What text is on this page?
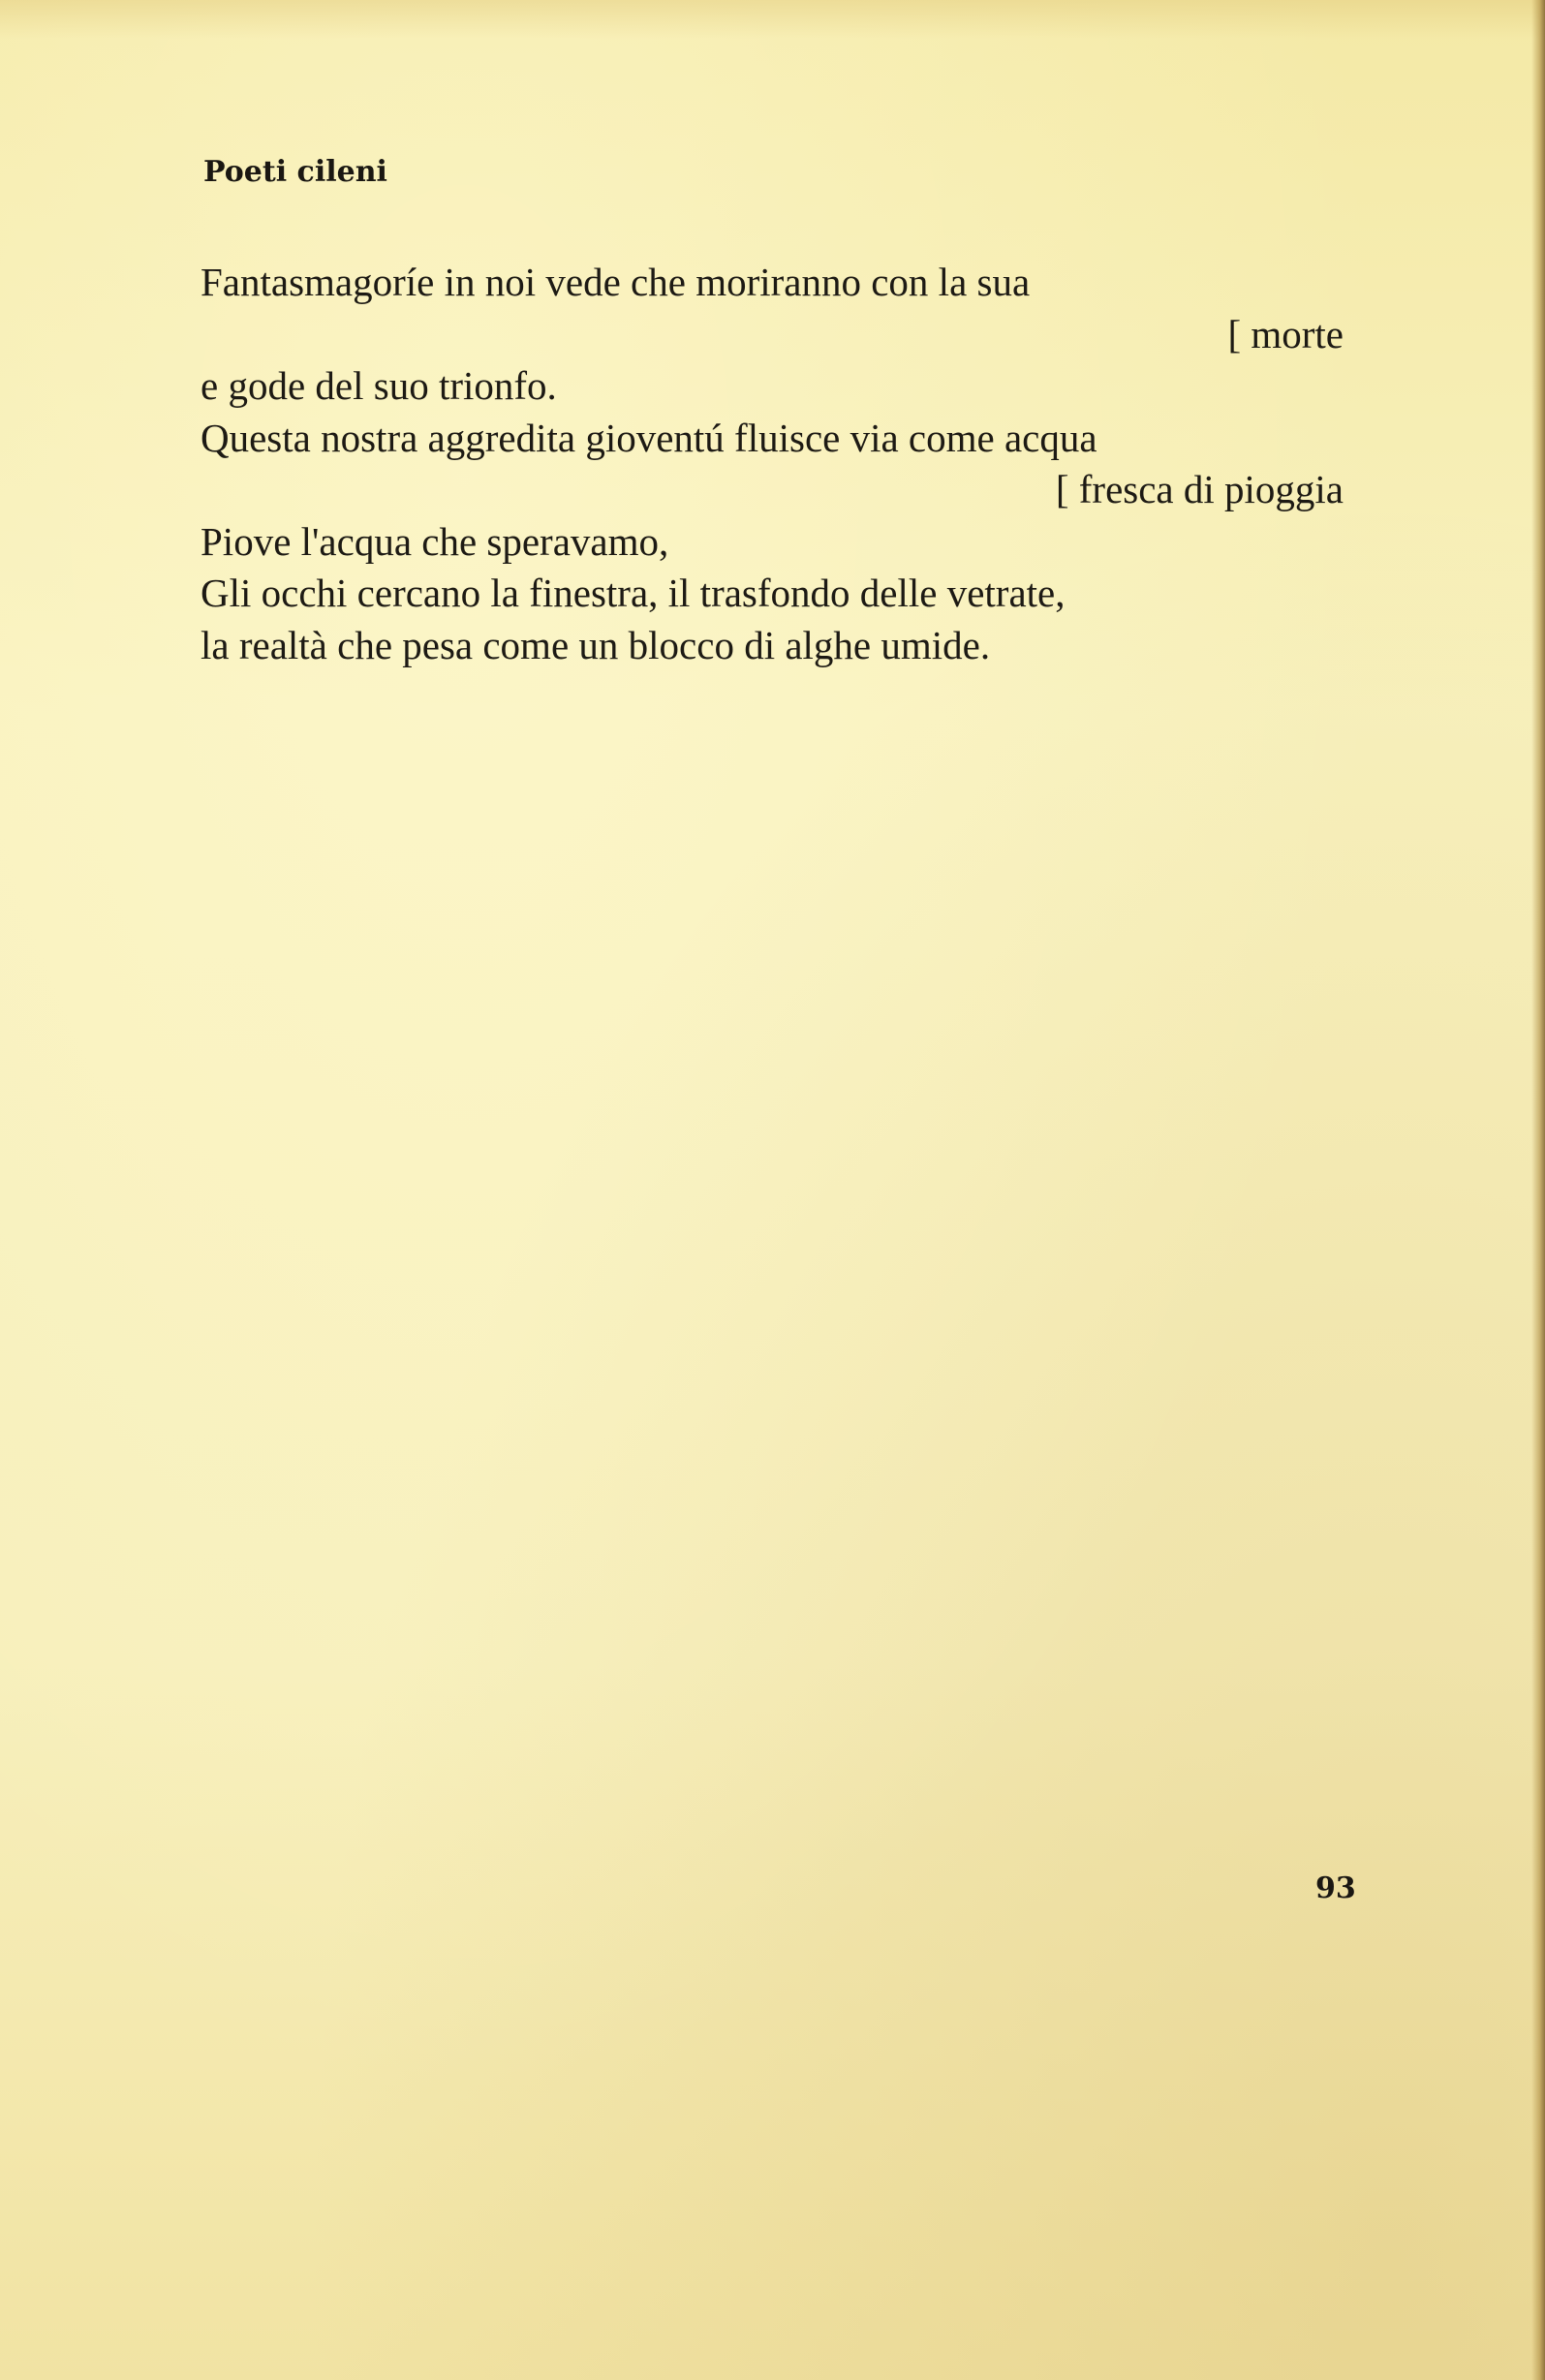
Poeti cileni
Fantasmagoríe in noi vede che moriranno con la sua
[ morte
e gode del suo trionfo.
Questa nostra aggredita gioventú fluisce via come acqua
[ fresca di pioggia
Piove l'acqua che speravamo,
Gli occhi cercano la finestra, il trasfondo delle vetrate,
la realtà che pesa come un blocco di alghe umide.
93
